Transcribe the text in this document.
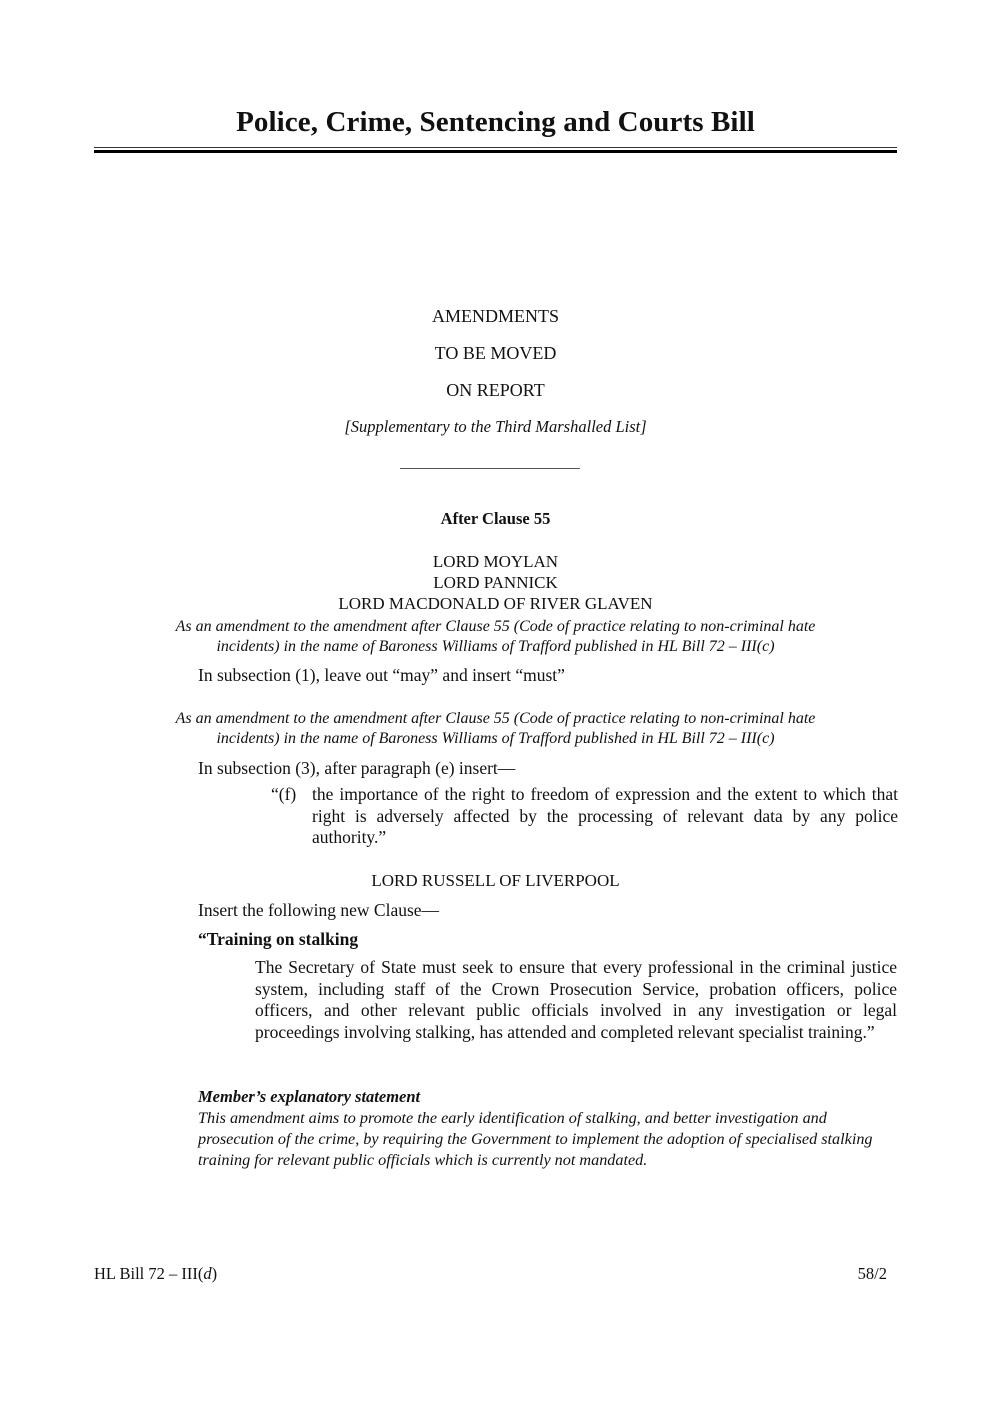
Police, Crime, Sentencing and Courts Bill
AMENDMENTS
TO BE MOVED
ON REPORT
[Supplementary to the Third Marshalled List]
After Clause 55
LORD MOYLAN
LORD PANNICK
LORD MACDONALD OF RIVER GLAVEN
As an amendment to the amendment after Clause 55 (Code of practice relating to non-criminal hate
incidents) in the name of Baroness Williams of Trafford published in HL Bill 72 – III(c)
In subsection (1), leave out “may” and insert “must”
As an amendment to the amendment after Clause 55 (Code of practice relating to non-criminal hate
incidents) in the name of Baroness Williams of Trafford published in HL Bill 72 – III(c)
In subsection (3), after paragraph (e) insert—
“(f) the importance of the right to freedom of expression and the extent to which that right is adversely affected by the processing of relevant data by any police authority.”
LORD RUSSELL OF LIVERPOOL
Insert the following new Clause—
“Training on stalking
The Secretary of State must seek to ensure that every professional in the criminal justice system, including staff of the Crown Prosecution Service, probation officers, police officers, and other relevant public officials involved in any investigation or legal proceedings involving stalking, has attended and completed relevant specialist training.”
Member’s explanatory statement
This amendment aims to promote the early identification of stalking, and better investigation and prosecution of the crime, by requiring the Government to implement the adoption of specialised stalking training for relevant public officials which is currently not mandated.
HL Bill 72 – III(d)	58/2
